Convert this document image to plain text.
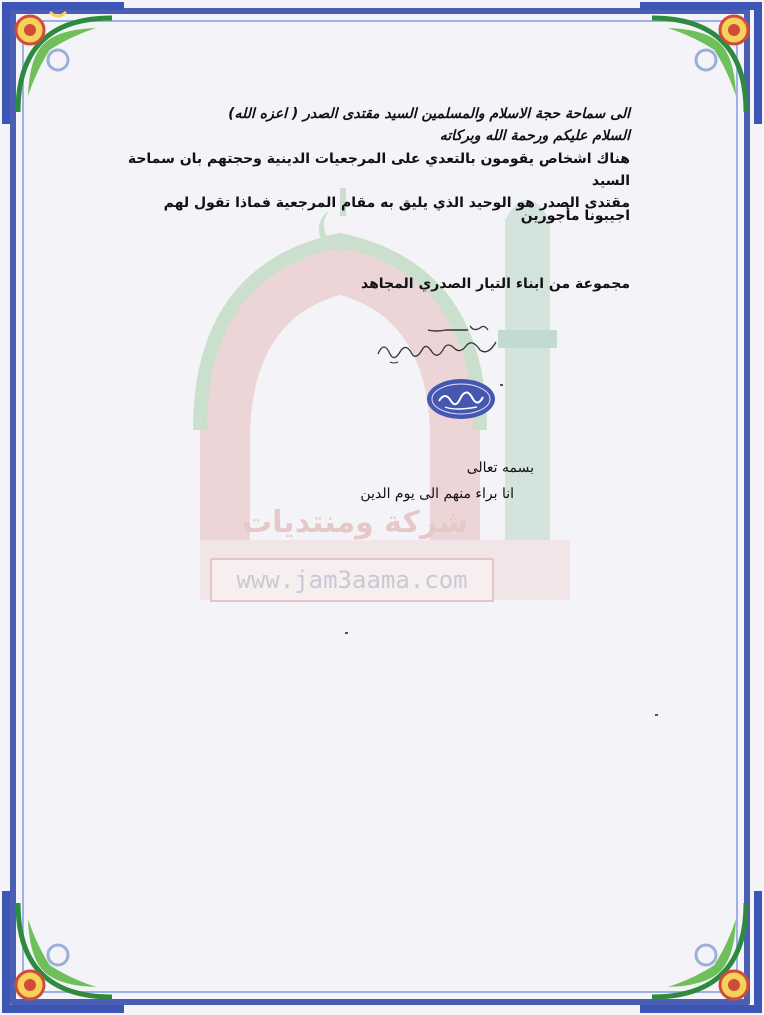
شركة ومنتديات
www.jam3aama.com
الى سماحة حجة الاسلام والمسلمين السيد مقتدى الصدر ( اعزه الله)
السلام عليكم ورحمة الله وبركاته
هناك اشخاص يقومون بالتعدي على المرجعيات الدينية وحجتهم بان سماحة السيد
مقتدى الصدر هو الوحيد الذي يليق به مقام المرجعية فماذا تقول لهم
اجيبونا مأجورين
مجموعة من ابناء التيار الصدري المجاهد
بسمه تعالى
انا براء منهم الى يوم الدين
